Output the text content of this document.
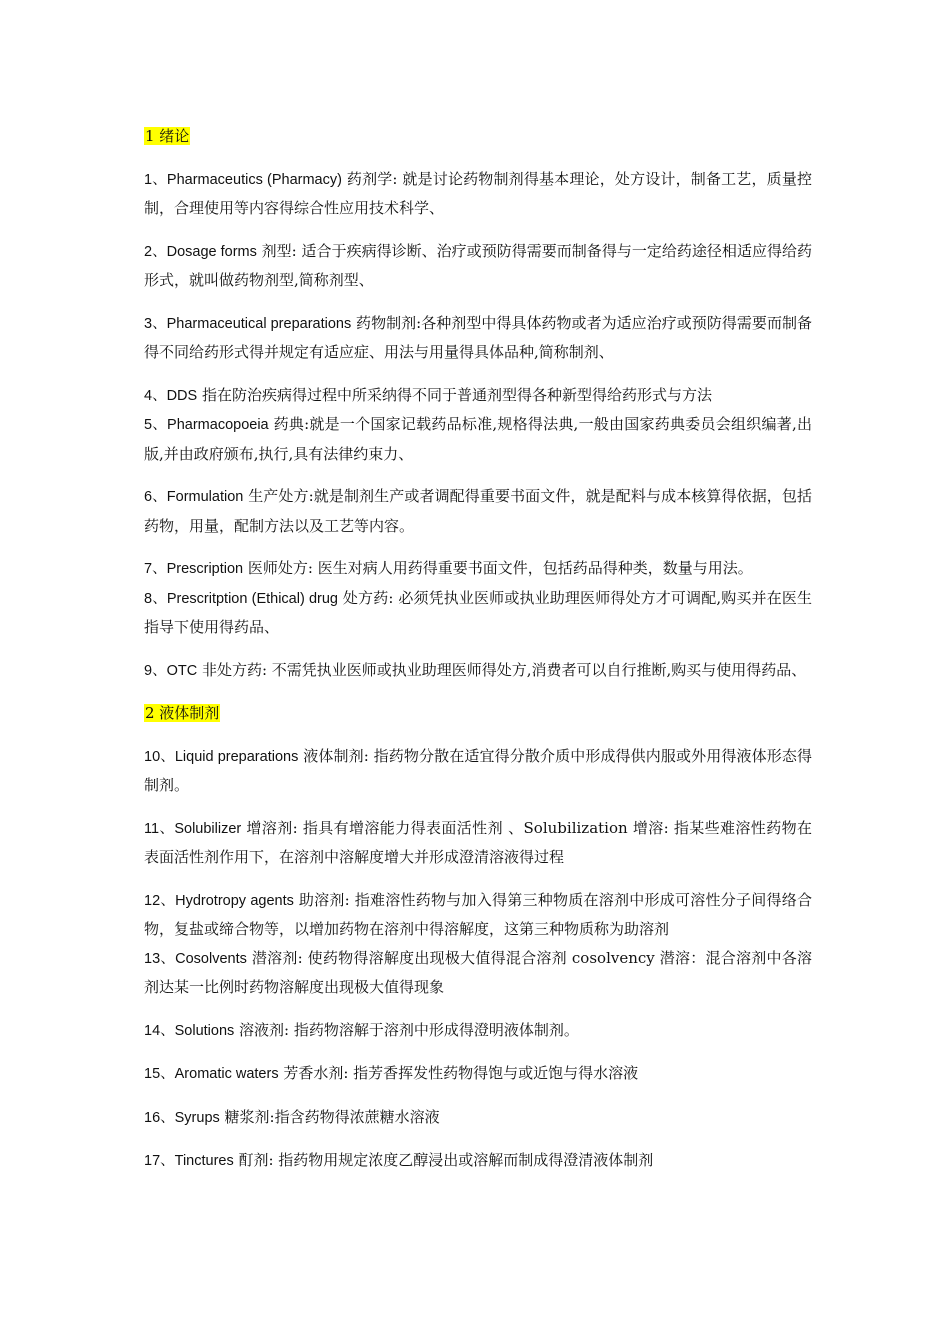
1 绪论

1、Pharmaceutics (Pharmacy) 药剂学: 就是讨论药物制剂得基本理论，处方设计，制备工艺，质量控制，合理使用等内容得综合性应用技术科学、

2、Dosage forms 剂型: 适合于疾病得诊断、治疗或预防得需要而制备得与一定给药途径相适应得给药形式，就叫做药物剂型,简称剂型、

3、Pharmaceutical preparations 药物制剂:各种剂型中得具体药物或者为适应治疗或预防得需要而制备得不同给药形式得并规定有适应症、用法与用量得具体品种,简称制剂、

4、DDS 指在防治疾病得过程中所采纳得不同于普通剂型得各种新型得给药形式与方法

5、Pharmacopoeia 药典:就是一个国家记载药品标准,规格得法典,一般由国家药典委员会组织编著,出版,并由政府颁布,执行,具有法律约束力、

6、Formulation 生产处方:就是制剂生产或者调配得重要书面文件，就是配料与成本核算得依据，包括药物，用量，配制方法以及工艺等内容。

7、Prescription 医师处方: 医生对病人用药得重要书面文件，包括药品得种类，数量与用法。

8、Prescritption (Ethical) drug 处方药: 必须凭执业医师或执业助理医师得处方才可调配,购买并在医生指导下使用得药品、

9、OTC 非处方药: 不需凭执业医师或执业助理医师得处方,消费者可以自行推断,购买与使用得药品、

2 液体制剂

10、Liquid preparations 液体制剂: 指药物分散在适宜得分散介质中形成得供内服或外用得液体形态得制剂。

11、Solubilizer 增溶剂: 指具有增溶能力得表面活性剂 、Solubilization 增溶: 指某些难溶性药物在表面活性剂作用下，在溶剂中溶解度增大并形成澄清溶液得过程

12、Hydrotropy agents 助溶剂: 指难溶性药物与加入得第三种物质在溶剂中形成可溶性分子间得络合物，复盐或缔合物等，以增加药物在溶剂中得溶解度，这第三种物质称为助溶剂

13、Cosolvents 潜溶剂: 使药物得溶解度出现极大值得混合溶剂 cosolvency 潜溶：混合溶剂中各溶剂达某一比例时药物溶解度出现极大值得现象

14、Solutions 溶液剂: 指药物溶解于溶剂中形成得澄明液体制剂。

15、Aromatic waters 芳香水剂: 指芳香挥发性药物得饱与或近饱与得水溶液

16、Syrups 糖浆剂:指含药物得浓蔗糖水溶液

17、Tinctures 酊剂: 指药物用规定浓度乙醇浸出或溶解而制成得澄清液体制剂
